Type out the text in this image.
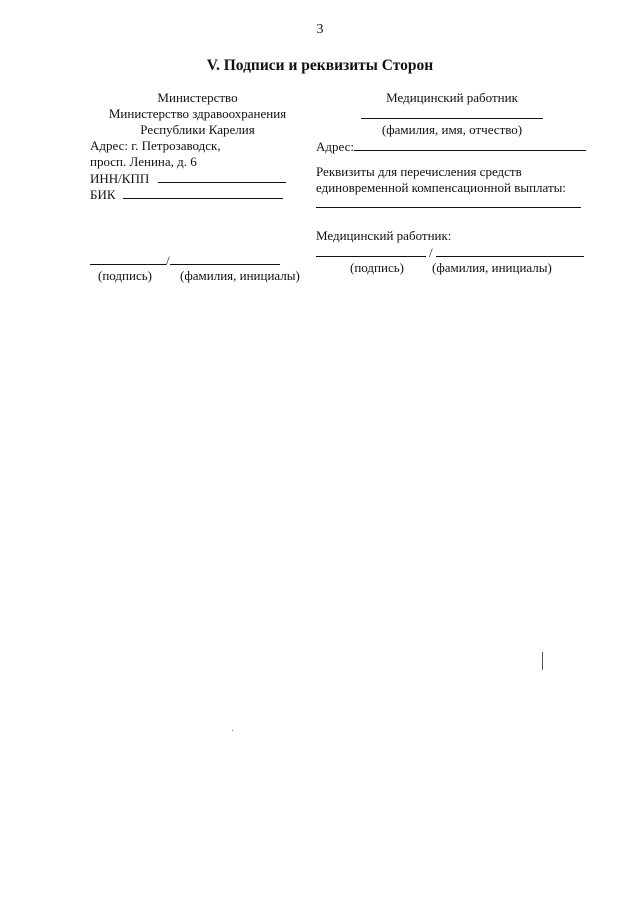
3
V. Подписи и реквизиты Сторон
Министерство
Министерство здравоохранения
Республики Карелия
Адрес: г. Петрозаводск,
просп. Ленина, д. 6
ИНН/КПП
БИК
/
(подпись) (фамилия, инициалы)
Медицинский работник
(фамилия, имя, отчество)
Адрес:
Реквизиты для перечисления средств
единовременной компенсационной выплаты:
Медицинский работник:
/
(подпись) (фамилия, инициалы)
